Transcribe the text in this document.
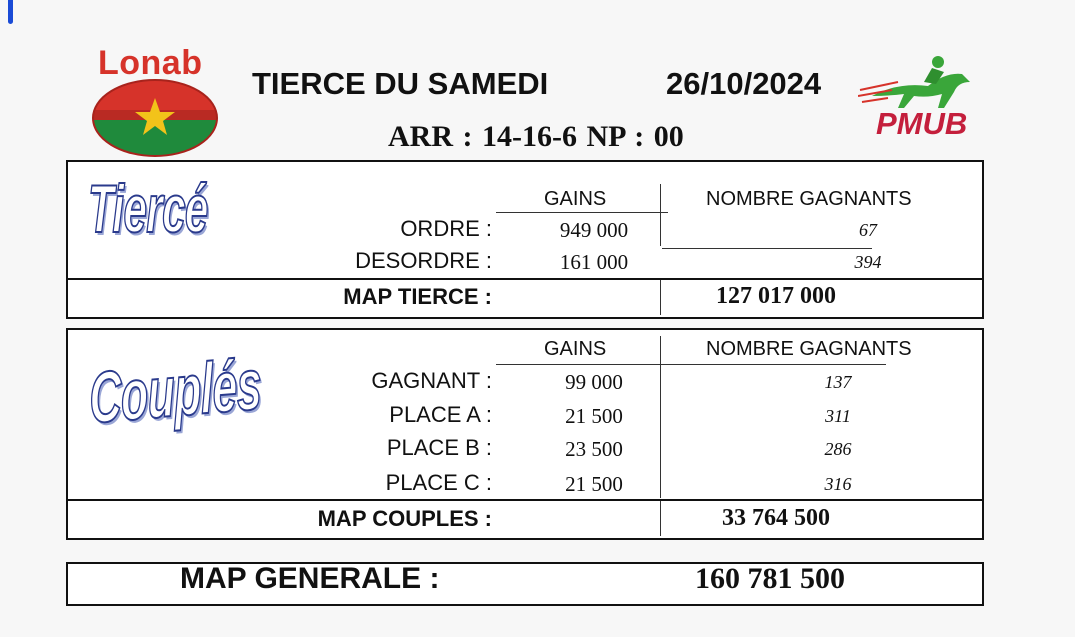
Lonab
PMUB
TIERCE DU SAMEDI	26/10/2024
ARR : 14-16-6 NP : 00
GAINS	NOMBRE GAGNANTS
ORDRE :	949 000	67
DESORDRE :	161 000	394
MAP TIERCE :	127 017 000
Tiercé
GAINS	NOMBRE GAGNANTS
GAGNANT :	99 000	137
PLACE A :	21 500	311
PLACE B :	23 500	286
PLACE C :	21 500	316
MAP COUPLES :	33 764 500
Couplés
MAP GENERALE :	160 781 500
